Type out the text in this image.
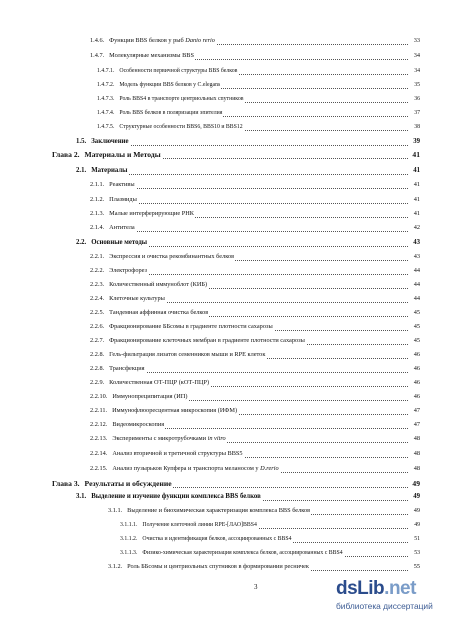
1.4.6. Функции BBS белков у рыб Danio rerio	33
1.4.7. Молекулярные механизмы BBS	34
1.4.7.1. Особенности первичной структуры BBS белков	34
1.4.7.2. Модель функции BBS белков у C.elegans	35
1.4.7.3. Роль BBS4 в транспорте центриольных спутников	36
1.4.7.4. Роль BBS белков в поляризации эпителия	37
1.4.7.5. Структурные особенности BBS6, BBS10 и BBS12	38
1.5. Заключение	39
Глава 2. Материалы и Методы	41
2.1. Материалы	41
2.1.1. Реактивы	41
2.1.2. Плазмиды	41
2.1.3. Малые интерферирующие РНК	41
2.1.4. Антитела	42
2.2. Основные методы	43
2.2.1. Экспрессия и очистка рекомбинантных белков	43
2.2.2. Электрофорез	44
2.2.3. Количественный иммуноблот (КИБ)	44
2.2.4. Клеточные культуры	44
2.2.5. Тандемная аффинная очистка белков	45
2.2.6. Фракционирование ББсомы в градиенте плотности сахарозы	45
2.2.7. Фракционирование клеточных мембран в градиенте плотности сахарозы	45
2.2.8. Гель-фильтрация лизатов семенников мыши и RPE клеток	46
2.2.8. Трансфекция	46
2.2.9. Количественная ОТ-ПЦР (кОТ-ПЦР)	46
2.2.10. Иммунопреципитация (ИП)	46
2.2.11. Иммунофлюоресцентная микроскопия (ИФМ)	47
2.2.12. Видеомикроскопия	47
2.2.13. Эксперименты с микротрубочками in vitro	48
2.2.14. Анализ вторичной и третичной структуры BBS5	48
2.2.15. Анализ пузырьков Купфера и транспорта меланосом у D.rerio	48
Глава 3. Результаты и обсуждение	49
3.1. Выделение и изучение функции комплекса BBS белков	49
3.1.1. Выделение и биохимическая характеризация комплекса BBS белков	49
3.1.1.1. Получение клеточной линии RPE-[ЛАО]BBS4	49
3.1.1.2. Очистка и идентификация белков, ассоциированных с BBS4	51
3.1.1.3. Физико-химическая характеризация комплекса белков, ассоциированных с BBS4	53
3.1.2. Роль ББсомы и центриольных спутников в формировании ресничек	55
3	dsLib.net
библиотека диссертаций
